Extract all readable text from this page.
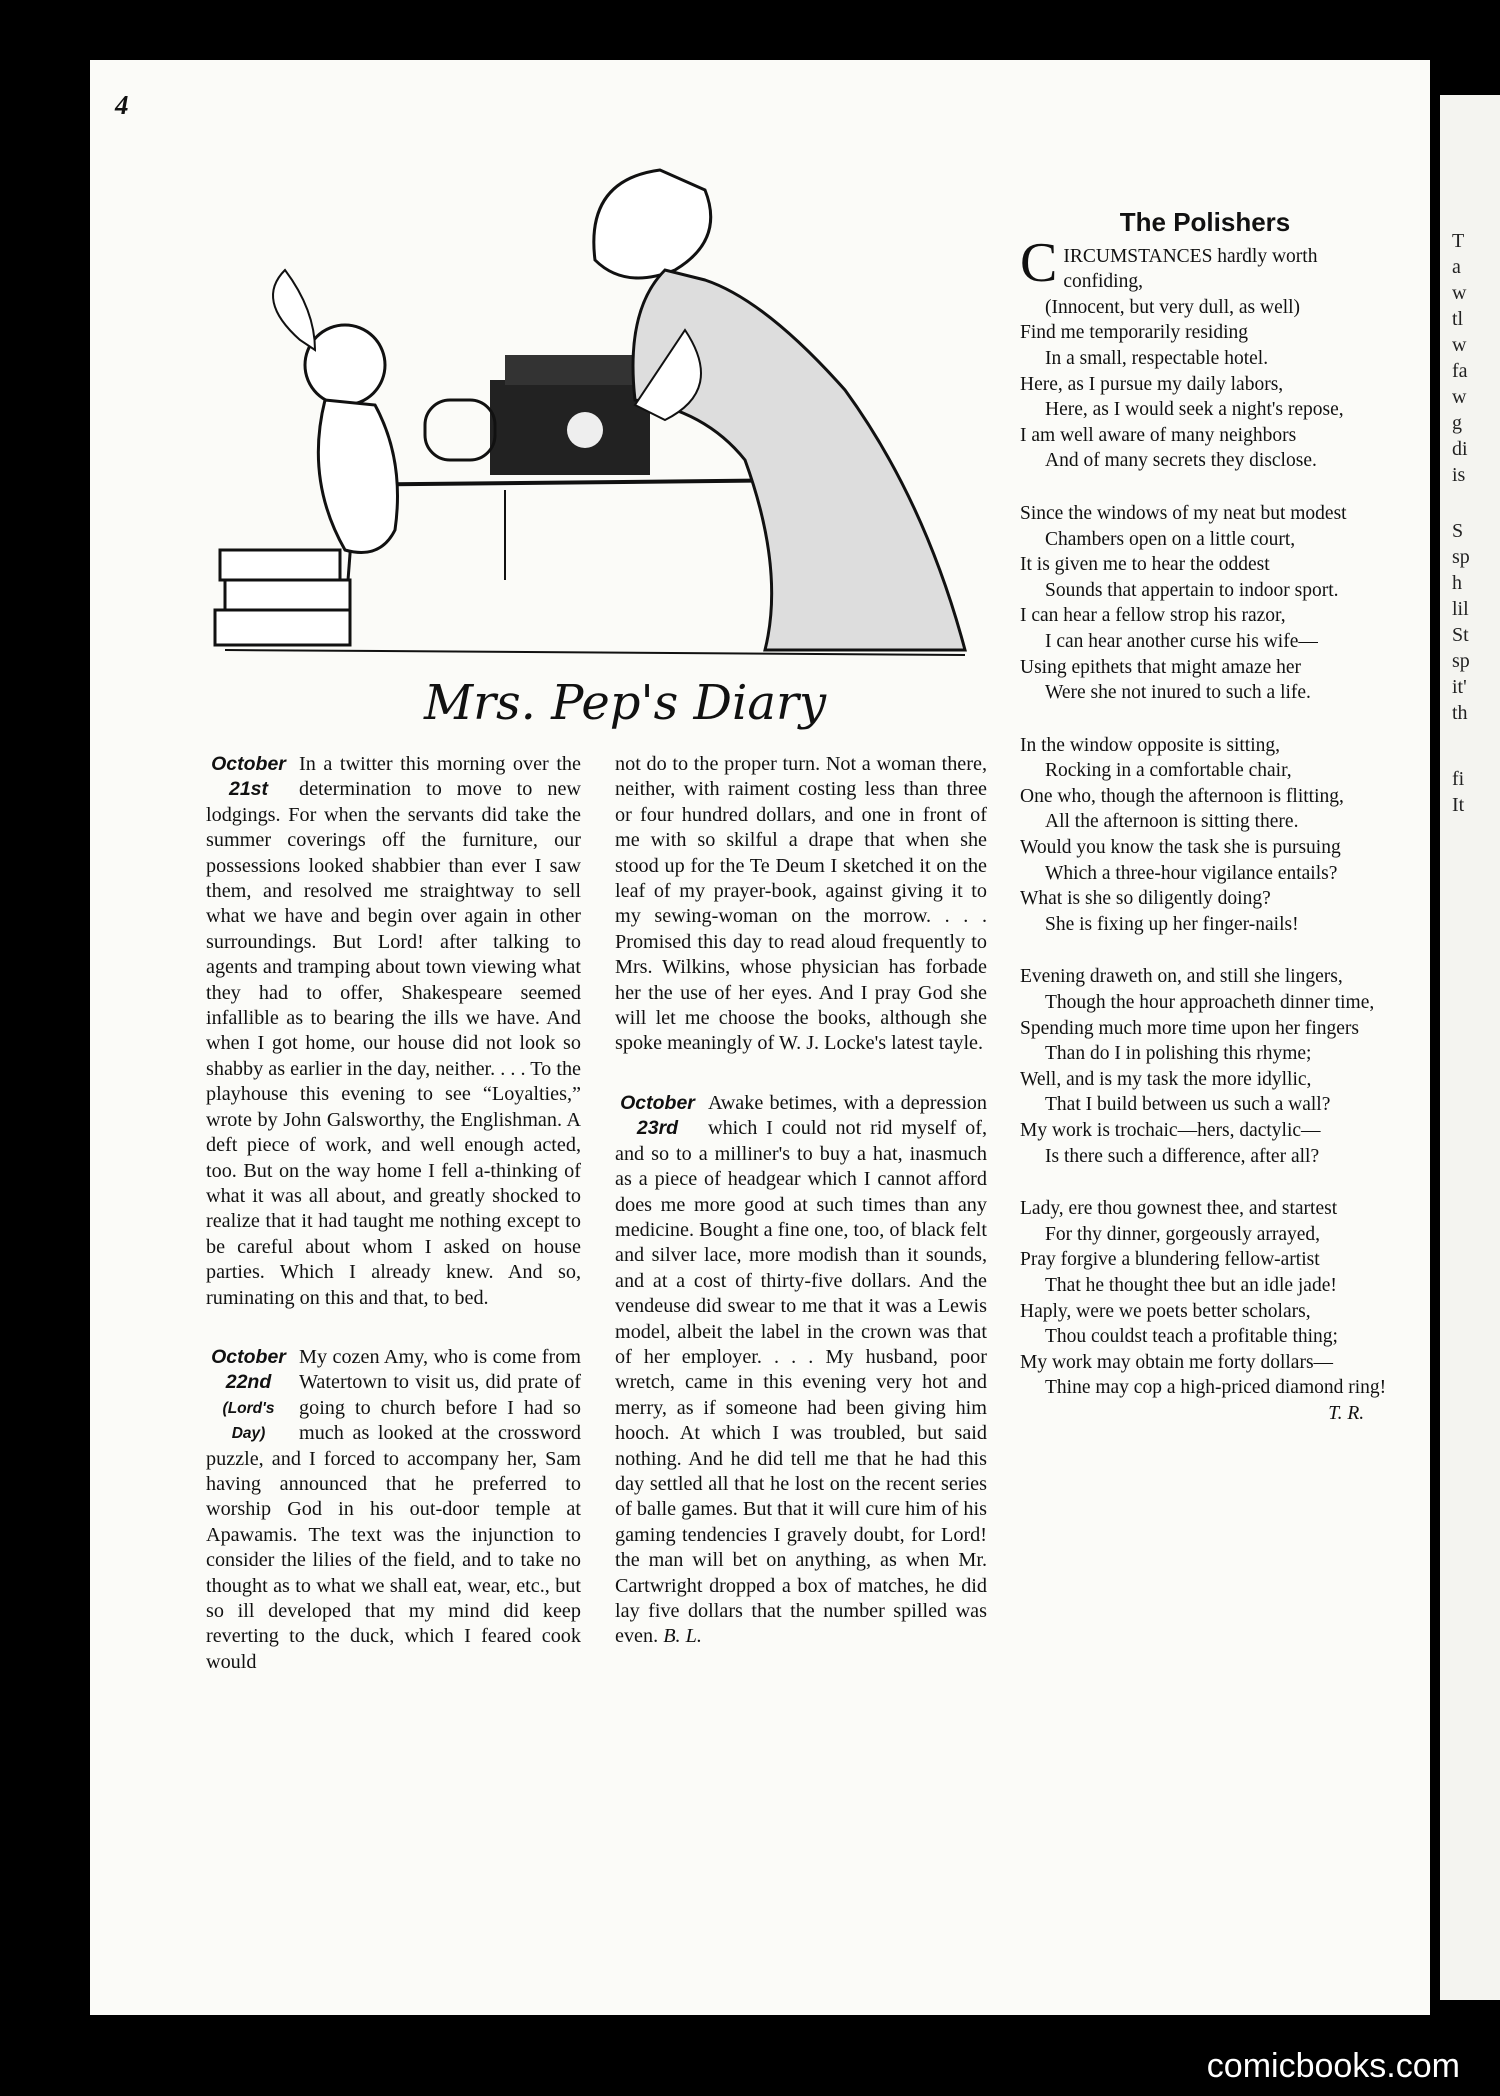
T
a
w
tl
w
fa
w
g
di
is
S
sp
h
lil
St
sp
it'
th
fi
It
4
Mrs. Pep's Diary
October
21st

In a twitter this morning over the determination to move to new lodgings. For when the servants did take the summer coverings off the furniture, our possessions looked shabbier than ever I saw them, and resolved me straightway to sell what we have and begin over again in other surroundings. But Lord! after talking to agents and tramping about town viewing what they had to offer, Shakespeare seemed infallible as to bearing the ills we have. And when I got home, our house did not look so shabby as earlier in the day, neither. . . . To the playhouse this evening to see “Loyalties,” wrote by John Galsworthy, the Englishman. A deft piece of work, and well enough acted, too. But on the way home I fell a-thinking of what it was all about, and greatly shocked to realize that it had taught me nothing except to be careful about whom I asked on house parties. Which I already knew. And so, ruminating on this and that, to bed.

October
22nd
(Lord's Day)

My cozen Amy, who is come from Watertown to visit us, did prate of going to church before I had so much as looked at the crossword puzzle, and I forced to accompany her, Sam having announced that he preferred to worship God in his out-door temple at Apawamis. The text was the injunction to consider the lilies of the field, and to take no thought as to what we shall eat, wear, etc., but so ill developed that my mind did keep reverting to the duck, which I feared cook would

not do to the proper turn. Not a woman there, neither, with raiment costing less than three or four hundred dollars, and one in front of me with so skilful a drape that when she stood up for the Te Deum I sketched it on the leaf of my prayer-book, against giving it to my sewing-woman on the morrow. . . . Promised this day to read aloud frequently to Mrs. Wilkins, whose physician has forbade her the use of her eyes. And I pray God she will let me choose the books, although she spoke meaningly of W. J. Locke's latest tayle.

October
23rd

Awake betimes, with a depression which I could not rid myself of, and so to a milliner's to buy a hat, inasmuch as a piece of headgear which I cannot afford does me more good at such times than any medicine. Bought a fine one, too, of black felt and silver lace, more modish than it sounds, and at a cost of thirty-five dollars. And the vendeuse did swear to me that it was a Lewis model, albeit the label in the crown was that of her employer. . . . My husband, poor wretch, came in this evening very hot and merry, as if someone had been giving him hooch. At which I was troubled, but said nothing. And he did tell me that he had this day settled all that he lost on the recent series of balle games. But that it will cure him of his gaming tendencies I gravely doubt, for Lord! the man will bet on anything, as when Mr. Cartwright dropped a box of matches, he did lay five dollars that the number spilled was even. B. L.

The Polishers

CIRCUMSTANCES hardly worth confiding,

(Innocent, but very dull, as well)

Find me temporarily residing

In a small, respectable hotel.

Here, as I pursue my daily labors,

Here, as I would seek a night's repose,

I am well aware of many neighbors

And of many secrets they disclose.

Since the windows of my neat but modest

Chambers open on a little court,

It is given me to hear the oddest

Sounds that appertain to indoor sport.

I can hear a fellow strop his razor,

I can hear another curse his wife—

Using epithets that might amaze her

Were she not inured to such a life.

In the window opposite is sitting,

Rocking in a comfortable chair,

One who, though the afternoon is flitting,

All the afternoon is sitting there.

Would you know the task she is pursuing

Which a three-hour vigilance entails?

What is she so diligently doing?

She is fixing up her finger-nails!

Evening draweth on, and still she lingers,

Though the hour approacheth dinner time,

Spending much more time upon her fingers

Than do I in polishing this rhyme;

Well, and is my task the more idyllic,

That I build between us such a wall?

My work is trochaic—hers, dactylic—

Is there such a difference, after all?

Lady, ere thou gownest thee, and startest

For thy dinner, gorgeously arrayed,

Pray forgive a blundering fellow-artist

That he thought thee but an idle jade!

Haply, were we poets better scholars,

Thou couldst teach a profitable thing;

My work may obtain me forty dollars—

Thine may cop a high-priced diamond ring!
T. R.

comicbooks.com
